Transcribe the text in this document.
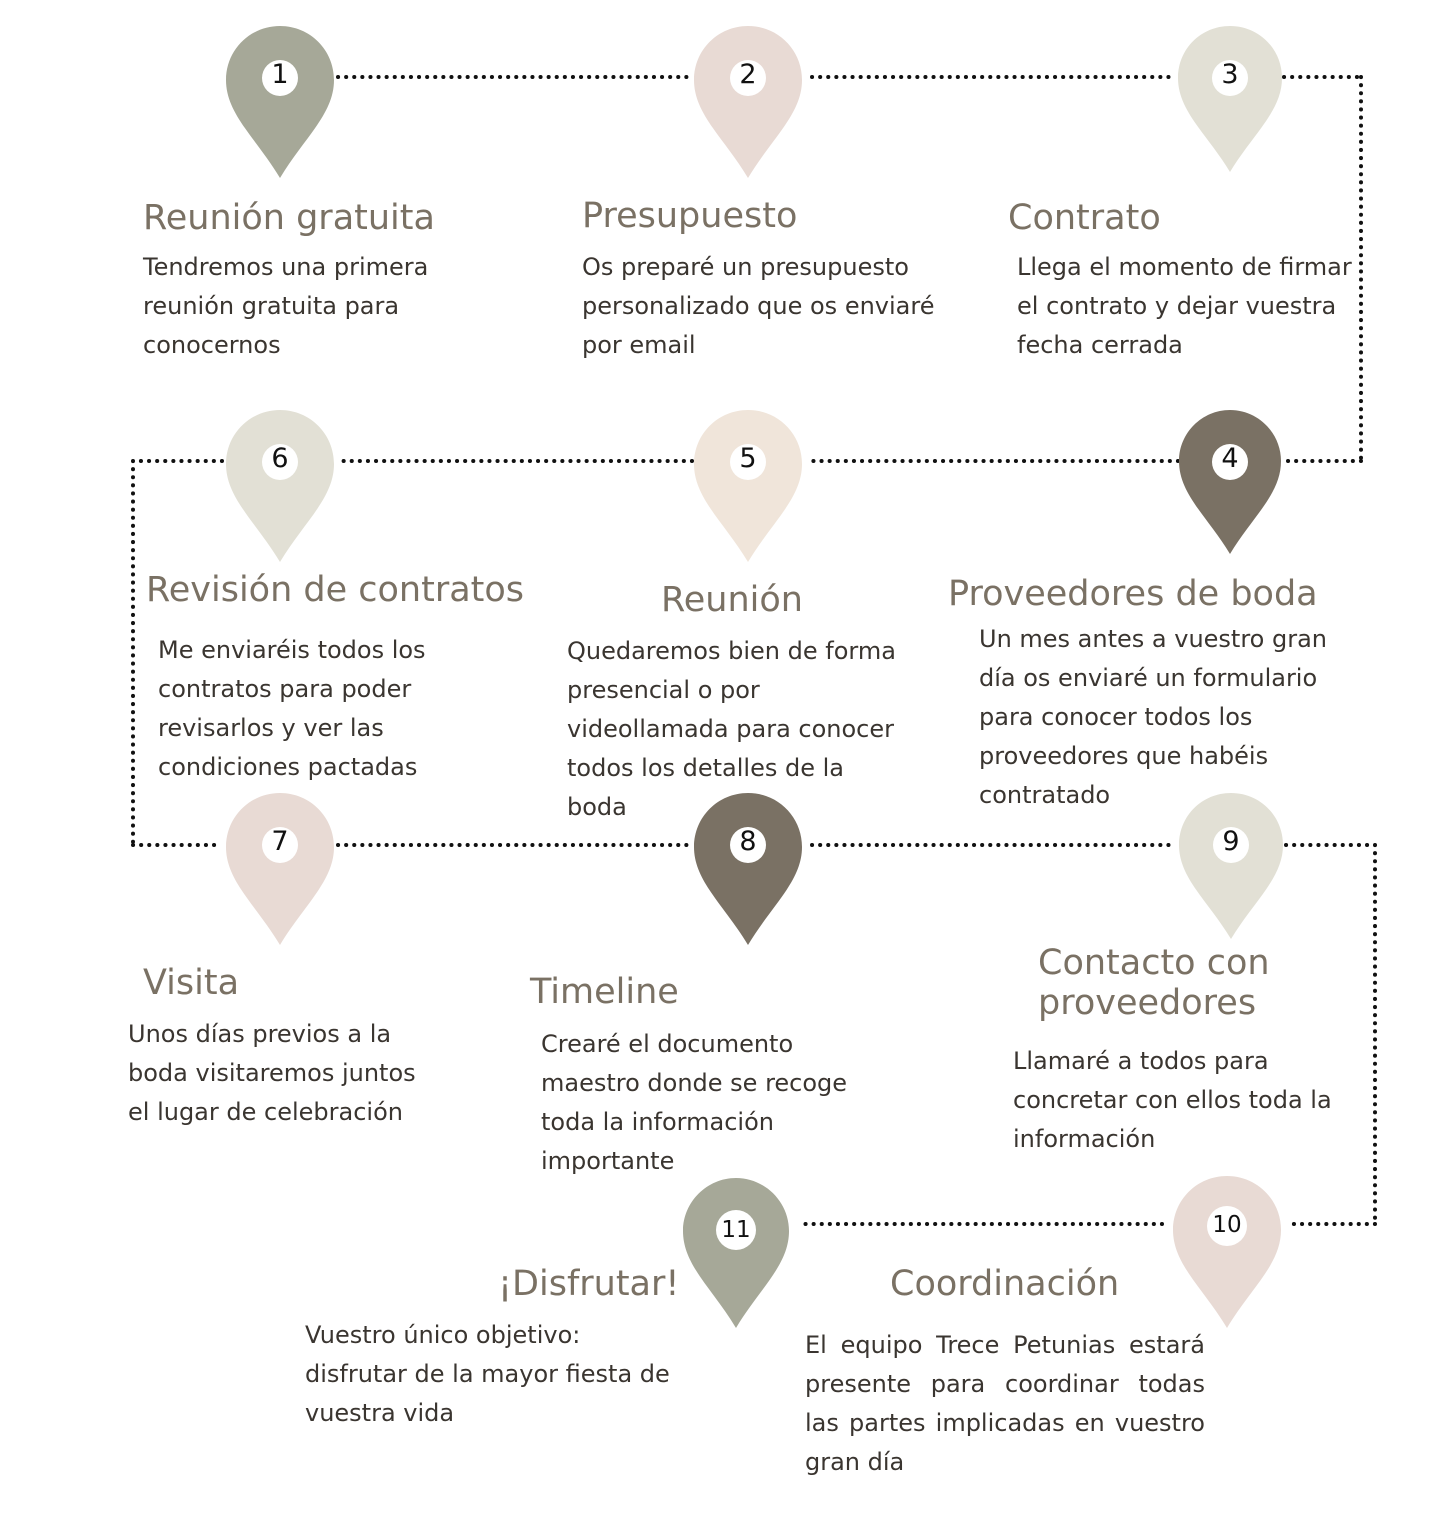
1	2	3
4
5
6
7	8	9
10
11
Reunión gratuita	Presupuesto	Contrato
Revisión de contratos	Reunión	Proveedores de boda
Visita	Timeline
Contacto con proveedores
¡Disfrutar!	Coordinación
Tendremos una primera reunión gratuita para conocernos
Os preparé un presupuesto personalizado que os enviaré por email
Llega el momento de firmar el contrato y dejar vuestra fecha cerrada
Me enviaréis todos los contratos para poder revisarlos y ver las condiciones pactadas
Quedaremos bien de forma presencial o por videollamada para conocer todos los detalles de la boda
Un mes antes a vuestro gran día os enviaré un formulario para conocer todos los proveedores que habéis contratado
Unos días previos a la boda visitaremos juntos el lugar de celebración
Crearé el documento maestro donde se recoge toda la información importante
Llamaré a todos para concretar con ellos toda la información
Vuestro único objetivo: disfrutar de la mayor fiesta de vuestra vida
El equipo Trece Petunias estará presente para coordinar todas las partes implicadas en vuestro gran día
